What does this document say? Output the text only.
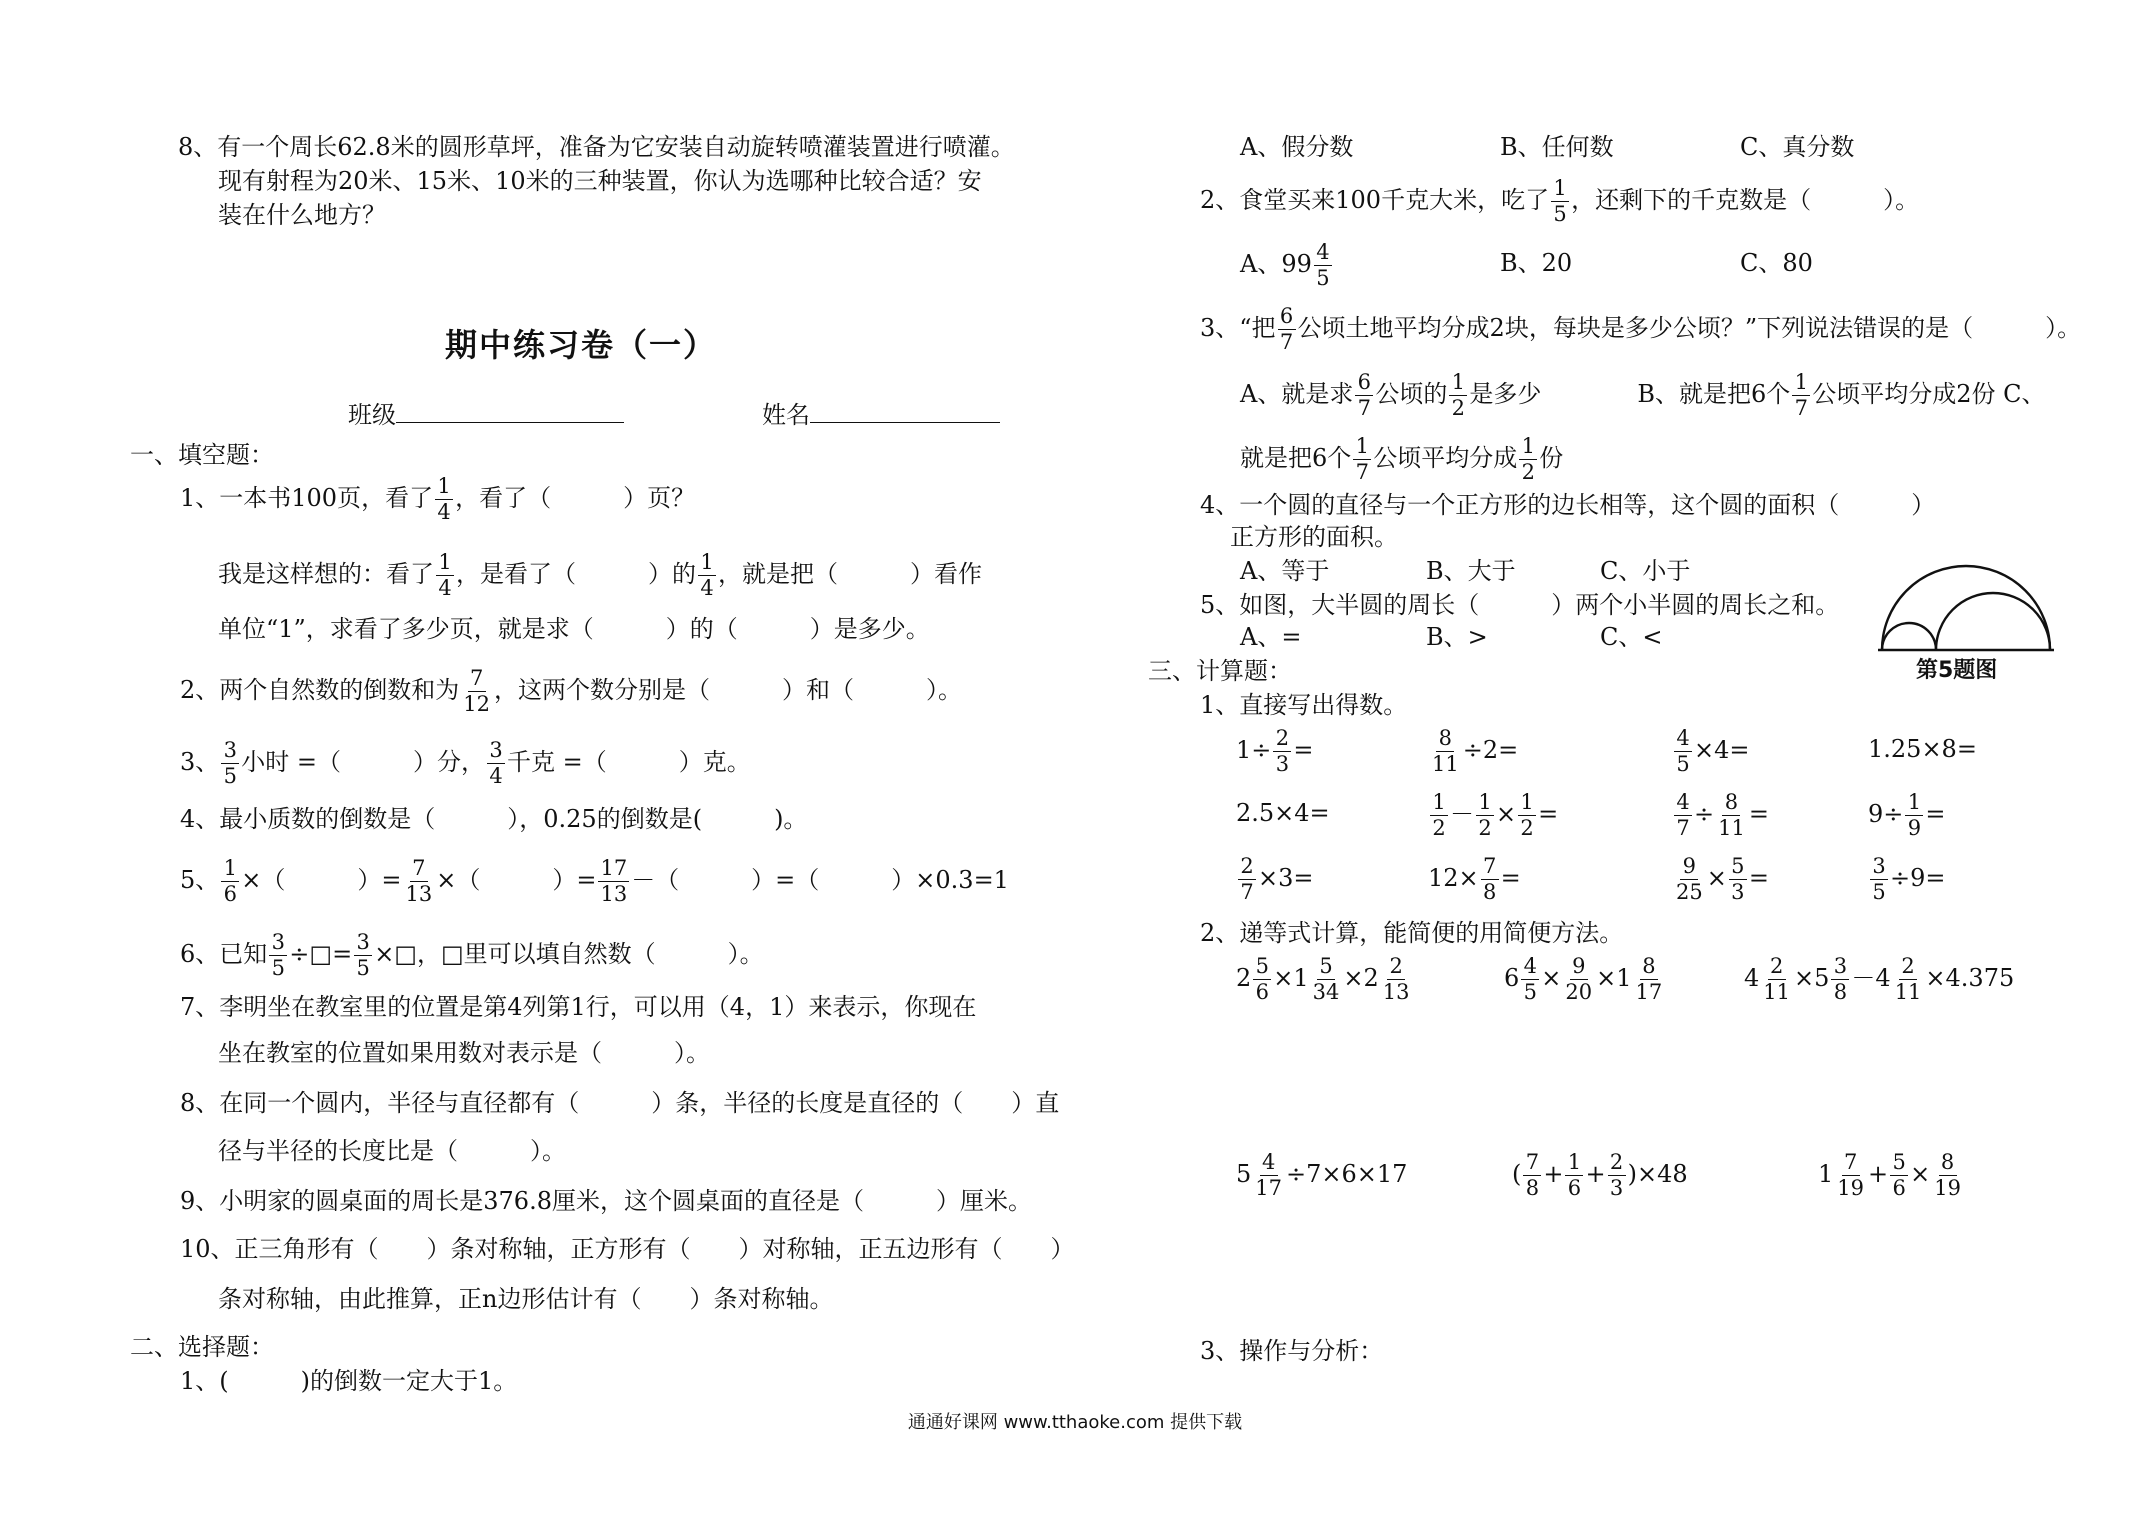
8、有一个周长62.8米的圆形草坪，准备为它安装自动旋转喷灌装置进行喷灌。
现有射程为20米、15米、10米的三种装置，你认为选哪种比较合适？安
装在什么地方？
期中练习卷（一）
班级	姓名
一、填空题：
1、一本书100页，看了 $\frac{1}{4}$ ，看了（　　　）页？
我是这样想的：看了 $\frac{1}{4}$ ，是看了（　　　）的 $\frac{1}{4}$ ，就是把（　　　）看作
单位“1”，求看了多少页，就是求（　　　）的（　　　）是多少。
2、两个自然数的倒数和为 $\frac{7}{12}$ ，这两个数分别是（　　　）和（　　　）。
3、 $\frac{3}{5}$ 小时 =（　　　）分， $\frac{3}{4}$ 千克 =（　　　）克。
4、最小质数的倒数是（　　　），0.25的倒数是(　　　)。
5、 $\frac{1}{6}$ ×（　　　）= $\frac{7}{13}$ ×（　　　）= $\frac{17}{13}$ －（　　　）=（　　　）×0.3=1
6、已知 $\frac{3}{5}$ ÷□= $\frac{3}{5}$ ×□，□里可以填自然数（　　　）。
7、李明坐在教室里的位置是第4列第1行，可以用（4，1）来表示，你现在
坐在教室的位置如果用数对表示是（　　　）。
8、在同一个圆内，半径与直径都有（　　　）条，半径的长度是直径的（　　）直
径与半径的长度比是（　　　）。
9、小明家的圆桌面的周长是376.8厘米，这个圆桌面的直径是（　　　）厘米。
10、正三角形有（　　）条对称轴，正方形有（　　）对称轴，正五边形有（　　）
条对称轴，由此推算，正n边形估计有（　　）条对称轴。
二、选择题：
1、(　　　)的倒数一定大于1。
A、假分数	B、任何数	C、真分数
2、食堂买来100千克大米，吃了 $\frac{1}{5}$ ，还剩下的千克数是（　　　）。
A、$99 \frac{4}{5}$	B、20	C、80
3、“把 $\frac{6}{7}$ 公顷土地平均分成2块，每块是多少公顷？”下列说法错误的是（　　　）。
A、就是求 $\frac{6}{7}$ 公顷的 $\frac{1}{2}$ 是多少	B、就是把6个 $\frac{1}{7}$ 公顷平均分成2份 C、
就是把6个 $\frac{1}{7}$ 公顷平均分成 $\frac{1}{2}$ 份
4、一个圆的直径与一个正方形的边长相等，这个圆的面积（　　　）
正方形的面积。
A、等于	B、大于	C、小于
5、如图，大半圆的周长（　　　）两个小半圆的周长之和。
A、=	B、>	C、<
第5题图
三、计算题：
1、直接写出得数。
$1\div \frac{2}{3}$ =	$\frac{8}{11} \div 2=$	$\frac{4}{5} \times 4=$	1.25×8=
2.5×4=	$\frac{1}{2} - \frac{1}{2} \times \frac{1}{2}$ =	$\frac{4}{7} \div \frac{8}{11}$ =	$9\div \frac{1}{9}$ =
$\frac{2}{7} \times 3=$	$12\times \frac{7}{8}$ =	$\frac{9}{25} \times \frac{5}{3}$ =	$\frac{3}{5} \div 9=$
2、递等式计算，能简便的用简便方法。
$2 \frac{5}{6} \times 1 \frac{5}{34} \times 2 \frac{2}{13}$	$6 \frac{4}{5} \times \frac{9}{20} \times 1 \frac{8}{17}$	$4 \frac{2}{11} \times 5 \frac{3}{8} -4 \frac{2}{11} \times 4.375$
$5 \frac{4}{17} \div 7\times 6\times 17$	( $\frac{7}{8} + \frac{1}{6} + \frac{2}{3} )\times 48$	$1 \frac{7}{19} + \frac{5}{6} \times \frac{8}{19}$
3、操作与分析：
通通好课网 www.tthaoke.com 提供下载
